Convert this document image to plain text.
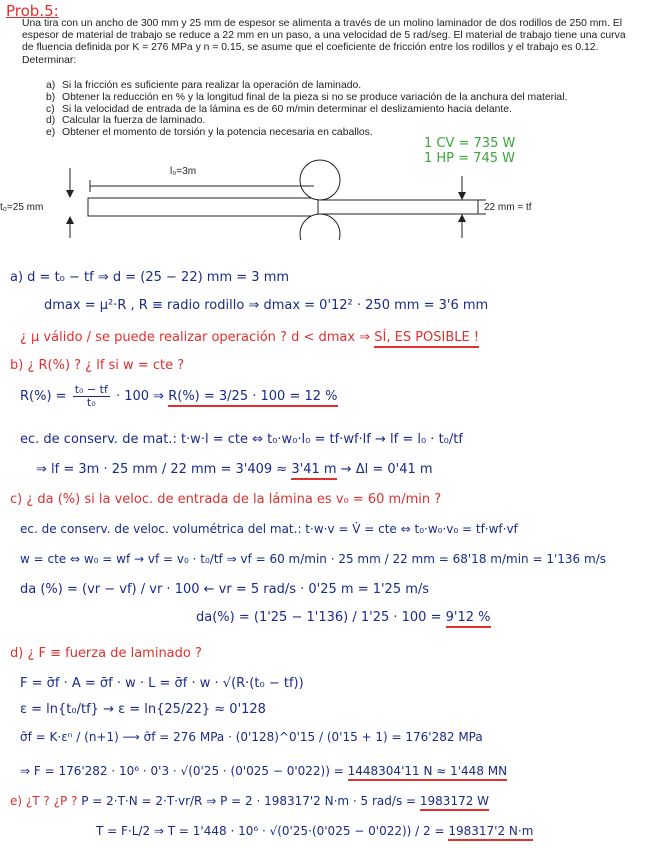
Prob.5:
Una tira con un ancho de 300 mm y 25 mm de espesor se alimenta a través de un molino laminador de dos rodillos de 250 mm. El espesor de material de trabajo se reduce a 22 mm en un paso, a una velocidad de 5 rad/seg. El material de trabajo tiene una curva de fluencia definida por K = 276 MPa y n = 0.15, se asume que el coeficiente de fricción entre los rodillos y el trabajo es 0.12. Determinar:
a) Si la fricción es suficiente para realizar la operación de laminado.
b) Obtener la reducción en % y la longitud final de la pieza si no se produce variación de la anchura del material.
c) Si la velocidad de entrada de la lámina es de 60 m/min determinar el deslizamiento hacia delante.
d) Calcular la fuerza de laminado.
e) Obtener el momento de torsión y la potencia necesaria en caballos.
1 CV = 735 W
1 HP = 745 W
l₀=3m
t₀=25 mm	22 mm = tf
a) d = t₀ − tf ⇒ d = (25 − 22) mm = 3 mm
dmax = μ²·R , R ≡ radio rodillo ⇒ dmax = 0'12² · 250 mm = 3'6 mm
¿ μ válido / se puede realizar operación ? d < dmax ⇒ SÍ, ES POSIBLE !
b) ¿ R(%) ? ¿ lf si w = cte ?
$R(\%) = \frac{\text{t₀ − tf}}{\text{t₀}} \cdot 100$ ⇒ R(%) = 3/25 · 100 = 12 %
ec. de conserv. de mat.: t·w·l = cte ⇔ t₀·w₀·l₀ = tf·wf·lf → lf = l₀ · t₀/tf
⇒ lf = 3m · 25 mm / 22 mm = 3'409 ≈ 3'41 m → Δl = 0'41 m
c) ¿ da (%) si la veloc. de entrada de la lámina es v₀ = 60 m/min ?
ec. de conserv. de veloc. volumétrica del mat.: t·w·v = V̇ = cte ⇔ t₀·w₀·v₀ = tf·wf·vf
w = cte ⇔ w₀ = wf → vf = v₀ · t₀/tf ⇒ vf = 60 m/min · 25 mm / 22 mm = 68'18 m/min = 1'136 m/s
da (%) = (vr − vf) / vr · 100 ← vr = 5 rad/s · 0'25 m = 1'25 m/s
da(%) = (1'25 − 1'136) / 1'25 · 100 = 9'12 %
d) ¿ F ≡ fuerza de laminado ?
F = σ̄f · A = σ̄f · w · L = σ̄f · w · √(R·(t₀ − tf))
ε = ln{t₀/tf} → ε = ln{25/22} ≈ 0'128
σ̄f = K·εⁿ / (n+1) ⟶ σ̄f = 276 MPa · (0'128)^0'15 / (0'15 + 1) = 176'282 MPa
⇒ F = 176'282 · 10⁶ · 0'3 · √(0'25 · (0'025 − 0'022)) = 1448304'11 N ≈ 1'448 MN
e) ¿T ? ¿P ? P = 2·T·N = 2·T·vr/R ⇒ P = 2 · 198317'2 N·m · 5 rad/s = 1983172 W
T = F·L/2 ⇒ T = 1'448 · 10⁶ · √(0'25·(0'025 − 0'022)) / 2 = 198317'2 N·m
